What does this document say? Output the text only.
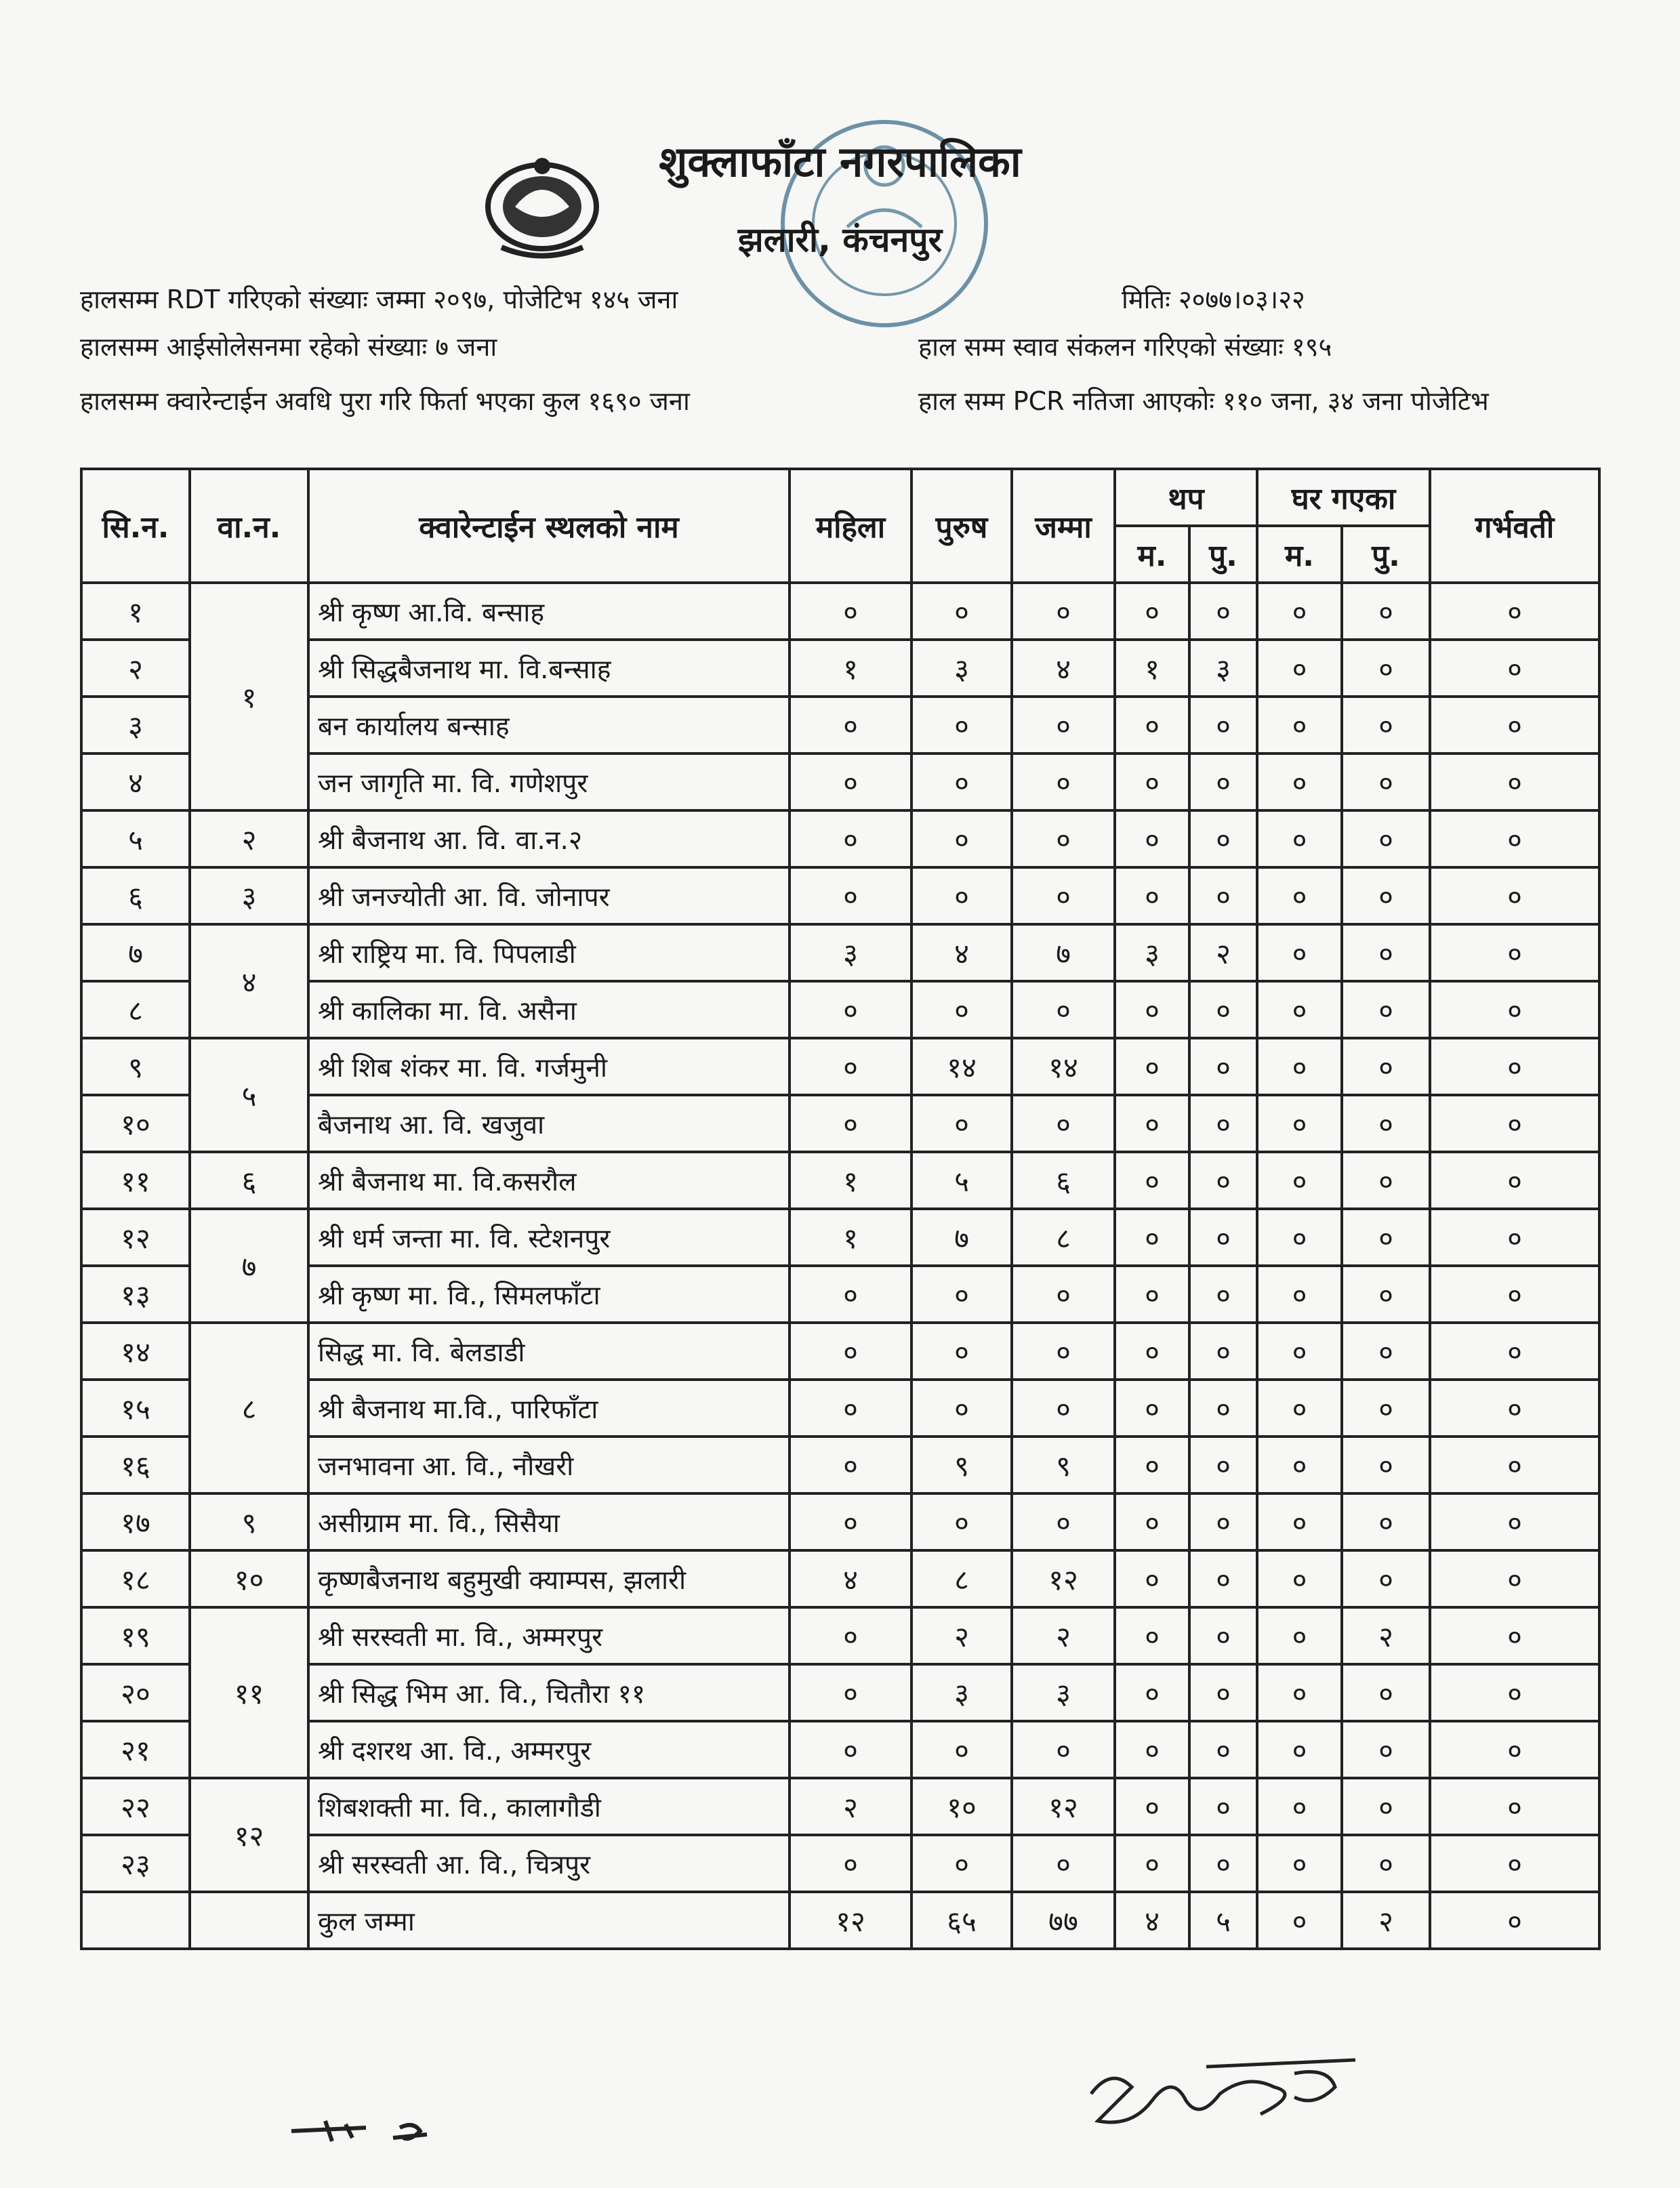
शुक्लाफाँटा नगरपालिका
झलारी, कंचनपुर
हालसम्म RDT गरिएको संख्याः जम्मा २०९७, पोजेटिभ १४५ जना	मितिः २०७७।०३।२२
हालसम्म आईसोलेसनमा रहेको संख्याः ७ जना	हाल सम्म स्वाव संकलन गरिएको संख्याः १९५
हालसम्म क्वारेन्टाईन अवधि पुरा गरि फिर्ता भएका कुल १६९० जना	हाल सम्म PCR नतिजा आएकोः ११० जना, ३४ जना पोजेटिभ
सि.न.	वा.न.	क्वारेन्टाईन स्थलको नाम	महिला	पुरुष	जम्मा	थप		घर गएका		गर्भवती
						म.	पु.	म.	पु.	
१	१	श्री कृष्ण आ.वि. बन्साह	०	०	०	०	०	०	०	०
२		श्री सिद्धबैजनाथ मा. वि.बन्साह	१	३	४	१	३	०	०	०
३		बन कार्यालय बन्साह	०	०	०	०	०	०	०	०
४		जन जागृति मा. वि. गणेशपुर	०	०	०	०	०	०	०	०
५	२	श्री बैजनाथ आ. वि. वा.न.२	०	०	०	०	०	०	०	०
६	३	श्री जनज्योती आ. वि. जोनापर	०	०	०	०	०	०	०	०
७	४	श्री राष्ट्रिय मा. वि. पिपलाडी	३	४	७	३	२	०	०	०
८		श्री कालिका मा. वि. असैना	०	०	०	०	०	०	०	०
९	५	श्री शिब शंकर मा. वि. गर्जमुनी	०	१४	१४	०	०	०	०	०
१०		बैजनाथ आ. वि. खजुवा	०	०	०	०	०	०	०	०
११	६	श्री बैजनाथ मा. वि.कसरौल	१	५	६	०	०	०	०	०
१२	७	श्री धर्म जन्ता मा. वि. स्टेशनपुर	१	७	८	०	०	०	०	०
१३		श्री कृष्ण मा. वि., सिमलफाँटा	०	०	०	०	०	०	०	०
१४	८	सिद्ध मा. वि. बेलडाडी	०	०	०	०	०	०	०	०
१५		श्री बैजनाथ मा.वि., पारिफाँटा	०	०	०	०	०	०	०	०
१६		जनभावना आ. वि., नौखरी	०	९	९	०	०	०	०	०
१७	९	असीग्राम मा. वि., सिसैया	०	०	०	०	०	०	०	०
१८	१०	कृष्णबैजनाथ बहुमुखी क्याम्पस, झलारी	४	८	१२	०	०	०	०	०
१९	११	श्री सरस्वती मा. वि., अम्मरपुर	०	२	२	०	०	०	२	०
२०		श्री सिद्ध भिम आ. वि., चितौरा ११	०	३	३	०	०	०	०	०
२१		श्री दशरथ आ. वि., अम्मरपुर	०	०	०	०	०	०	०	०
२२	१२	शिबशक्ती मा. वि., कालागौडी	२	१०	१२	०	०	०	०	०
२३		श्री सरस्वती आ. वि., चित्रपुर	०	०	०	०	०	०	०	०
		कुल जम्मा	१२	६५	७७	४	५	०	२	०
